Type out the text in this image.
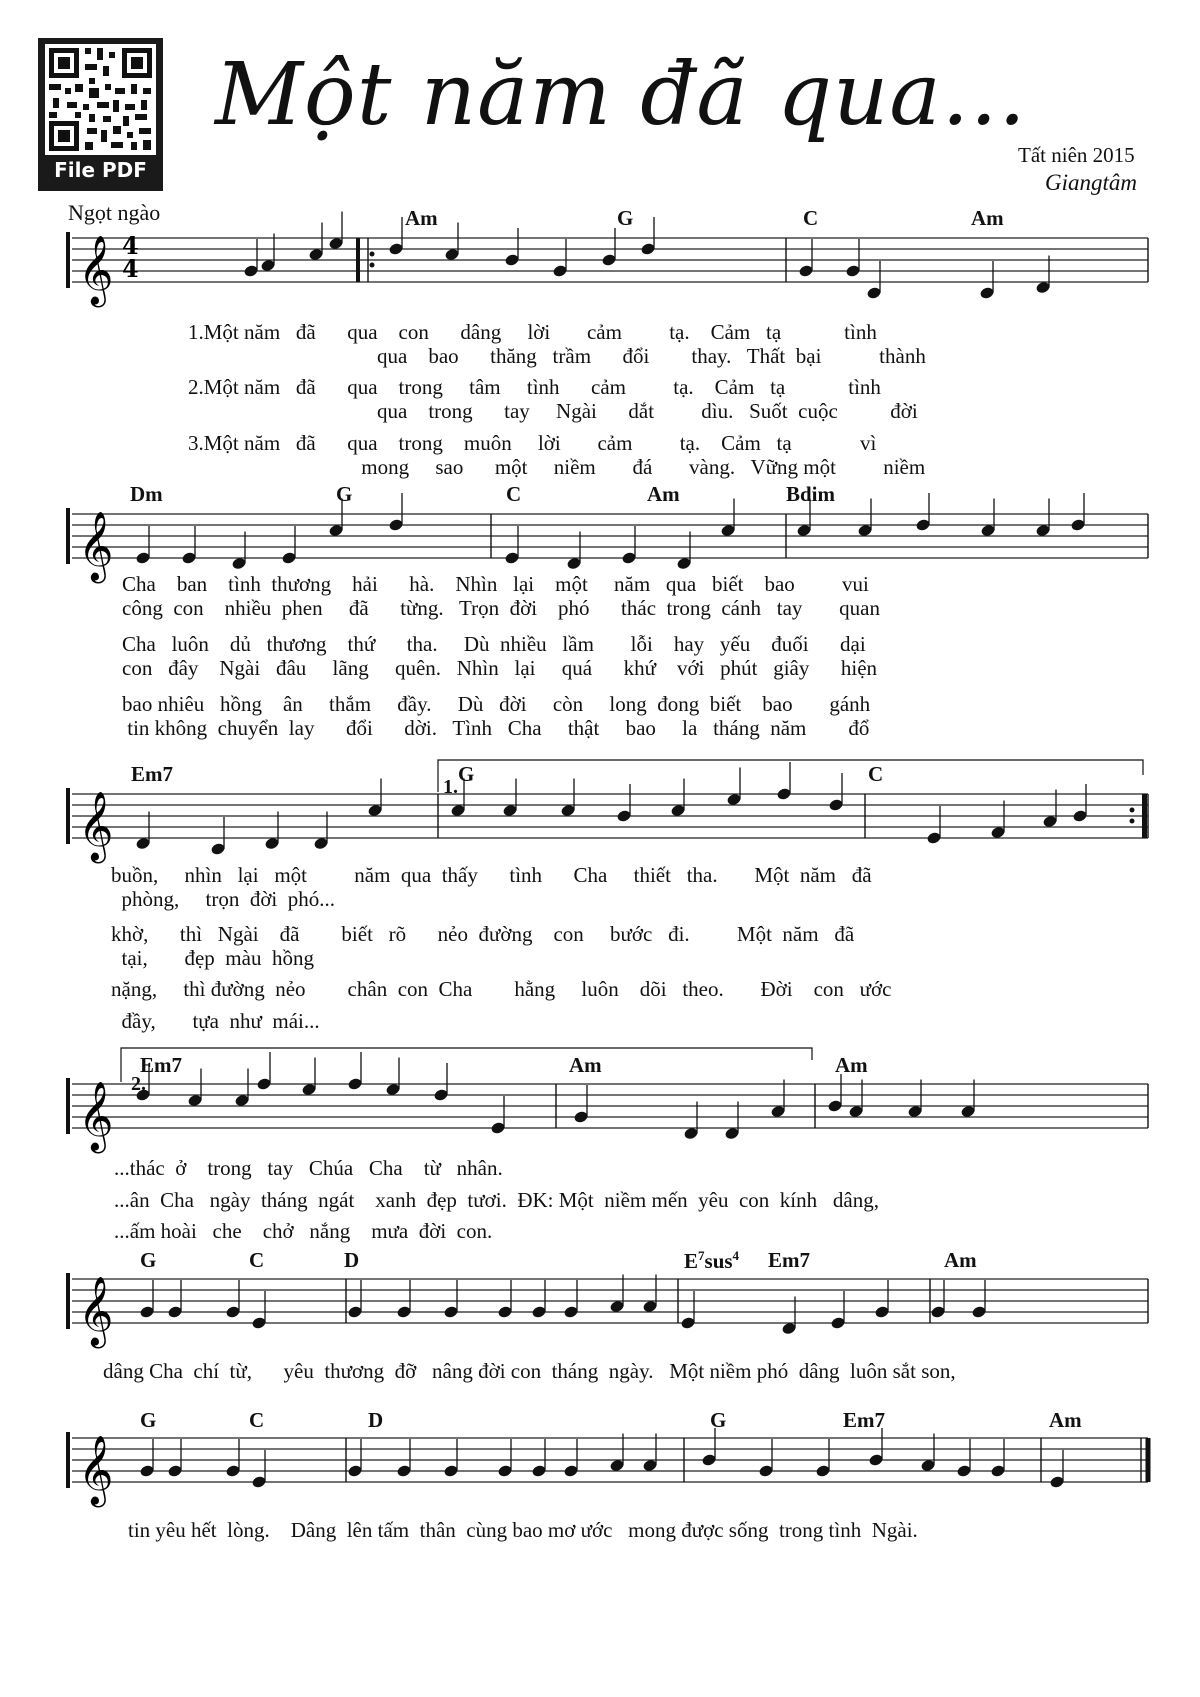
File PDF
Một năm đã qua...
Tất niên 2015
Giangtâm
Ngọt ngào
𝄞
𝄞
𝄞
𝄞
𝄞
𝄞
4
4
Am	G	C	Am
1.Một năm   đã      qua    con      dâng     lời       cảm         tạ.    Cảm   tạ            tình
qua    bao      thăng   trầm      đổi        thay.   Thất  bại           thành
2.Một năm   đã      qua    trong     tâm     tình      cảm         tạ.    Cảm   tạ            tình
qua    trong      tay     Ngài      dắt         dìu.   Suốt  cuộc          đời
3.Một năm   đã      qua    trong    muôn     lời       cảm         tạ.    Cảm   tạ             vì
mong     sao      một     niềm       đá       vàng.   Vững một         niềm
Dm	G	C	Am	Bdim
Cha    ban    tình  thương    hải      hà.    Nhìn   lại    một     năm   qua   biết    bao         vui
công  con    nhiều  phen     đã      từng.   Trọn  đời    phó      thác  trong  cánh   tay       quan
Cha   luôn    dủ   thương    thứ      tha.     Dù  nhiều   lầm       lỗi    hay   yếu    đuối      dại
con   đây    Ngài   đâu     lãng     quên.   Nhìn   lại     quá      khứ    với   phút   giây      hiện
bao nhiêu   hồng    ân     thắm     đầy.     Dù   đời     còn     long  đong  biết    bao       gánh
tin không  chuyển  lay      đổi      dời.   Tình   Cha     thật     bao     la   tháng  năm        đổ
Em7
1.
G	C
buồn,     nhìn   lại   một         năm  qua  thấy      tình      Cha     thiết   tha.       Một  năm   đã
phòng,     trọn  đời  phó...
khờ,      thì   Ngài    đã        biết   rõ      nẻo  đường    con     bước   đi.         Một  năm   đã
tại,       đẹp  màu  hồng
nặng,     thì đường  nẻo        chân  con  Cha        hằng     luôn    dõi   theo.       Đời    con   ước
đầy,       tựa  như  mái...
Em7
2.
Am	Am
...thác  ở    trong   tay   Chúa   Cha    từ   nhân.
...ân  Cha   ngày  tháng  ngát    xanh  đẹp  tươi.  ĐK: Một  niềm mến  yêu  con  kính   dâng,
...ấm hoài   che    chở   nắng    mưa  đời  con.
G	C	D	$E^7sus^4$ Em7	Am
dâng Cha  chí  từ,      yêu  thương  đỡ   nâng đời con  tháng  ngày.   Một niềm phó  dâng  luôn sắt son,
G	C	D	G	Em7	Am
tin yêu hết  lòng.    Dâng  lên tấm  thân  cùng bao mơ ước   mong được sống  trong tình  Ngài.
